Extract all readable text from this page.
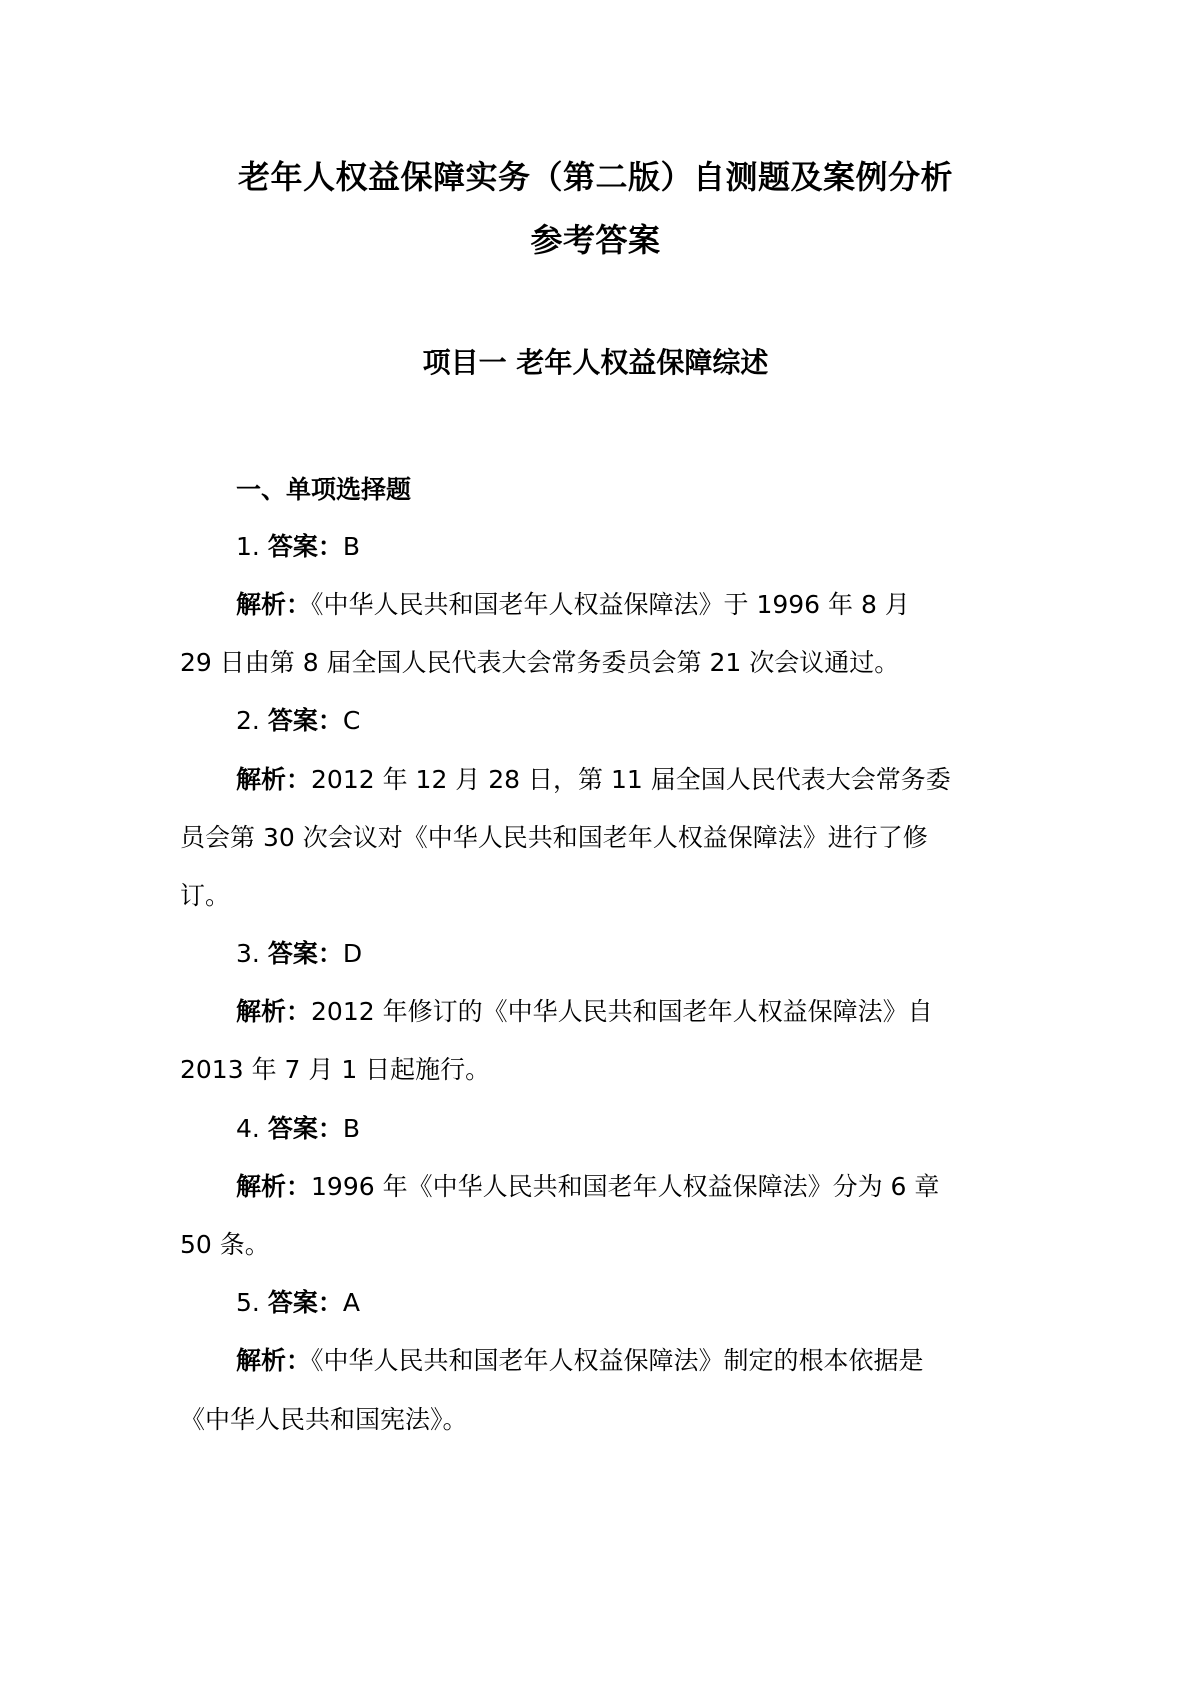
老年人权益保障实务（第二版）自测题及案例分析
参考答案
项目一 老年人权益保障综述
一、单项选择题
1. 答案：B
解析：《中华人民共和国老年人权益保障法》于 1996 年 8 月
29 日由第 8 届全国人民代表大会常务委员会第 21 次会议通过。
2. 答案：C
解析：2012 年 12 月 28 日，第 11 届全国人民代表大会常务委
员会第 30 次会议对《中华人民共和国老年人权益保障法》进行了修
订。
3. 答案：D
解析：2012 年修订的《中华人民共和国老年人权益保障法》自
2013 年 7 月 1 日起施行。
4. 答案：B
解析：1996 年《中华人民共和国老年人权益保障法》分为 6 章
50 条。
5. 答案：A
解析：《中华人民共和国老年人权益保障法》制定的根本依据是
《中华人民共和国宪法》。
